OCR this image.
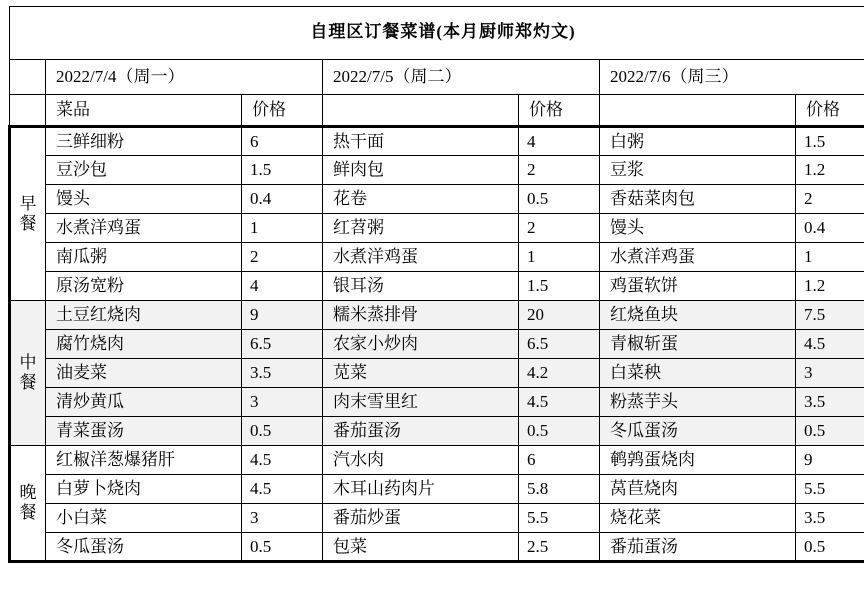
自理区订餐菜谱(本月厨师郑灼文)						
	2022/7/4（周一）		2022/7/5（周二）		2022/7/6（周三）	
	菜品	价格		价格		价格

早
餐	三鲜细粉	6	热干面	4	白粥	1.5
	豆沙包	1.5	鲜肉包	2	豆浆	1.2
	馒头	0.4	花卷	0.5	香菇菜肉包	2
	水煮洋鸡蛋	1	红苕粥	2	馒头	0.4
	南瓜粥	2	水煮洋鸡蛋	1	水煮洋鸡蛋	1
	原汤宽粉	4	银耳汤	1.5	鸡蛋软饼	1.2

中
餐	土豆红烧肉	9	糯米蒸排骨	20	红烧鱼块	7.5
	腐竹烧肉	6.5	农家小炒肉	6.5	青椒斩蛋	4.5
	油麦菜	3.5	苋菜	4.2	白菜秧	3
	清炒黄瓜	3	肉末雪里红	4.5	粉蒸芋头	3.5
	青菜蛋汤	0.5	番茄蛋汤	0.5	冬瓜蛋汤	0.5

晚
餐	红椒洋葱爆猪肝	4.5	汽水肉	6	鹌鹑蛋烧肉	9
	白萝卜烧肉	4.5	木耳山药肉片	5.8	莴苣烧肉	5.5
	小白菜	3	番茄炒蛋	5.5	烧花菜	3.5
	冬瓜蛋汤	0.5	包菜	2.5	番茄蛋汤	0.5
